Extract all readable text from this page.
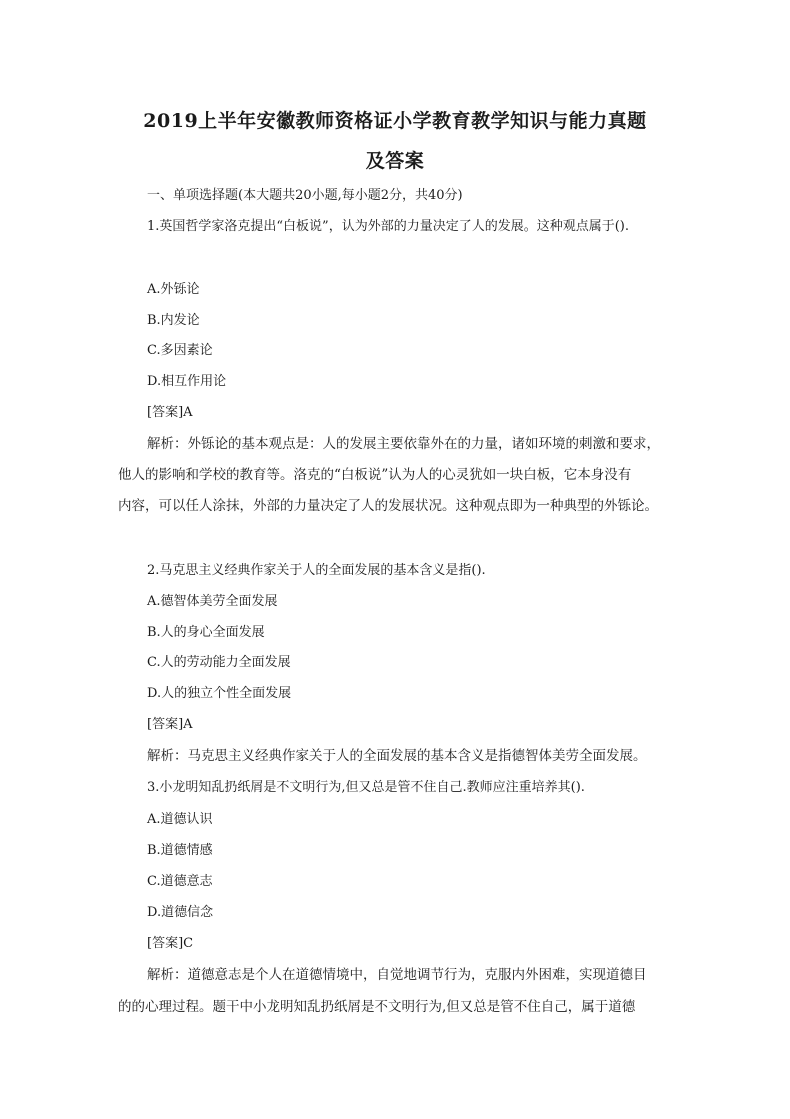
2019上半年安徽教师资格证小学教育教学知识与能力真题
及答案
一、单项选择题(本大题共20小题,每小题2分，共40分)
1.英国哲学家洛克提出“白板说”，认为外部的力量决定了人的发展。这种观点属于().
A.外铄论
B.内发论
C.多因素论
D.相互作用论
[答案]A
解析：外铄论的基本观点是：人的发展主要依靠外在的力量，诸如环境的刺激和要求，
他人的影响和学校的教育等。洛克的“白板说”认为人的心灵犹如一块白板，它本身没有
内容，可以任人涂抹，外部的力量决定了人的发展状况。这种观点即为一种典型的外铄论。
2.马克思主义经典作家关于人的全面发展的基本含义是指().
A.德智体美劳全面发展
B.人的身心全面发展
C.人的劳动能力全面发展
D.人的独立个性全面发展
[答案]A
解析：马克思主义经典作家关于人的全面发展的基本含义是指德智体美劳全面发展。
3.小龙明知乱扔纸屑是不文明行为,但又总是管不住自己.教师应注重培养其().
A.道德认识
B.道德情感
C.道德意志
D.道德信念
[答案]C
解析：道德意志是个人在道德情境中，自觉地调节行为，克服内外困难，实现道德目
的的心理过程。题干中小龙明知乱扔纸屑是不文明行为,但又总是管不住自己，属于道德
